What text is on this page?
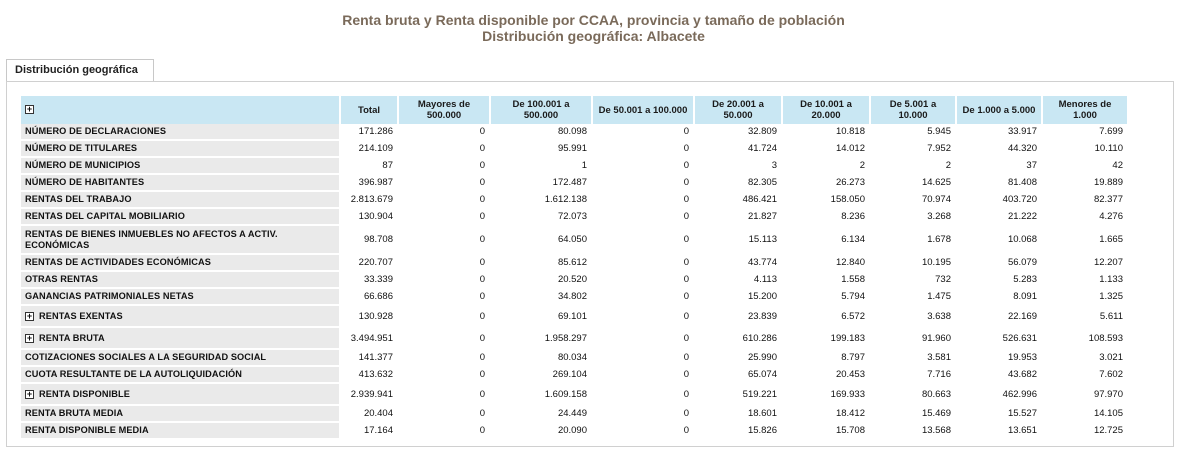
Renta bruta y Renta disponible por CCAA, provincia y tamaño de población
Distribución geográfica: Albacete
Distribución geográfica
+	Total	Mayores de 500.000	De 100.001 a 500.000	De 50.001 a 100.000	De 20.001 a 50.000	De 10.001 a 20.000	De 5.001 a 10.000	De 1.000 a 5.000	Menores de 1.000
NÚMERO DE DECLARACIONES	171.286	0	80.098	0	32.809	10.818	5.945	33.917	7.699
NÚMERO DE TITULARES	214.109	0	95.991	0	41.724	14.012	7.952	44.320	10.110
NÚMERO DE MUNICIPIOS	87	0	1	0	3	2	2	37	42
NÚMERO DE HABITANTES	396.987	0	172.487	0	82.305	26.273	14.625	81.408	19.889
RENTAS DEL TRABAJO	2.813.679	0	1.612.138	0	486.421	158.050	70.974	403.720	82.377
RENTAS DEL CAPITAL MOBILIARIO	130.904	0	72.073	0	21.827	8.236	3.268	21.222	4.276
RENTAS DE BIENES INMUEBLES NO AFECTOS A ACTIV. ECONÓMICAS	98.708	0	64.050	0	15.113	6.134	1.678	10.068	1.665
RENTAS DE ACTIVIDADES ECONÓMICAS	220.707	0	85.612	0	43.774	12.840	10.195	56.079	12.207
OTRAS RENTAS	33.339	0	20.520	0	4.113	1.558	732	5.283	1.133
GANANCIAS PATRIMONIALES NETAS	66.686	0	34.802	0	15.200	5.794	1.475	8.091	1.325
+ RENTAS EXENTAS	130.928	0	69.101	0	23.839	6.572	3.638	22.169	5.611
+ RENTA BRUTA	3.494.951	0	1.958.297	0	610.286	199.183	91.960	526.631	108.593
COTIZACIONES SOCIALES A LA SEGURIDAD SOCIAL	141.377	0	80.034	0	25.990	8.797	3.581	19.953	3.021
CUOTA RESULTANTE DE LA AUTOLIQUIDACIÓN	413.632	0	269.104	0	65.074	20.453	7.716	43.682	7.602
+ RENTA DISPONIBLE	2.939.941	0	1.609.158	0	519.221	169.933	80.663	462.996	97.970
RENTA BRUTA MEDIA	20.404	0	24.449	0	18.601	18.412	15.469	15.527	14.105
RENTA DISPONIBLE MEDIA	17.164	0	20.090	0	15.826	15.708	13.568	13.651	12.725
